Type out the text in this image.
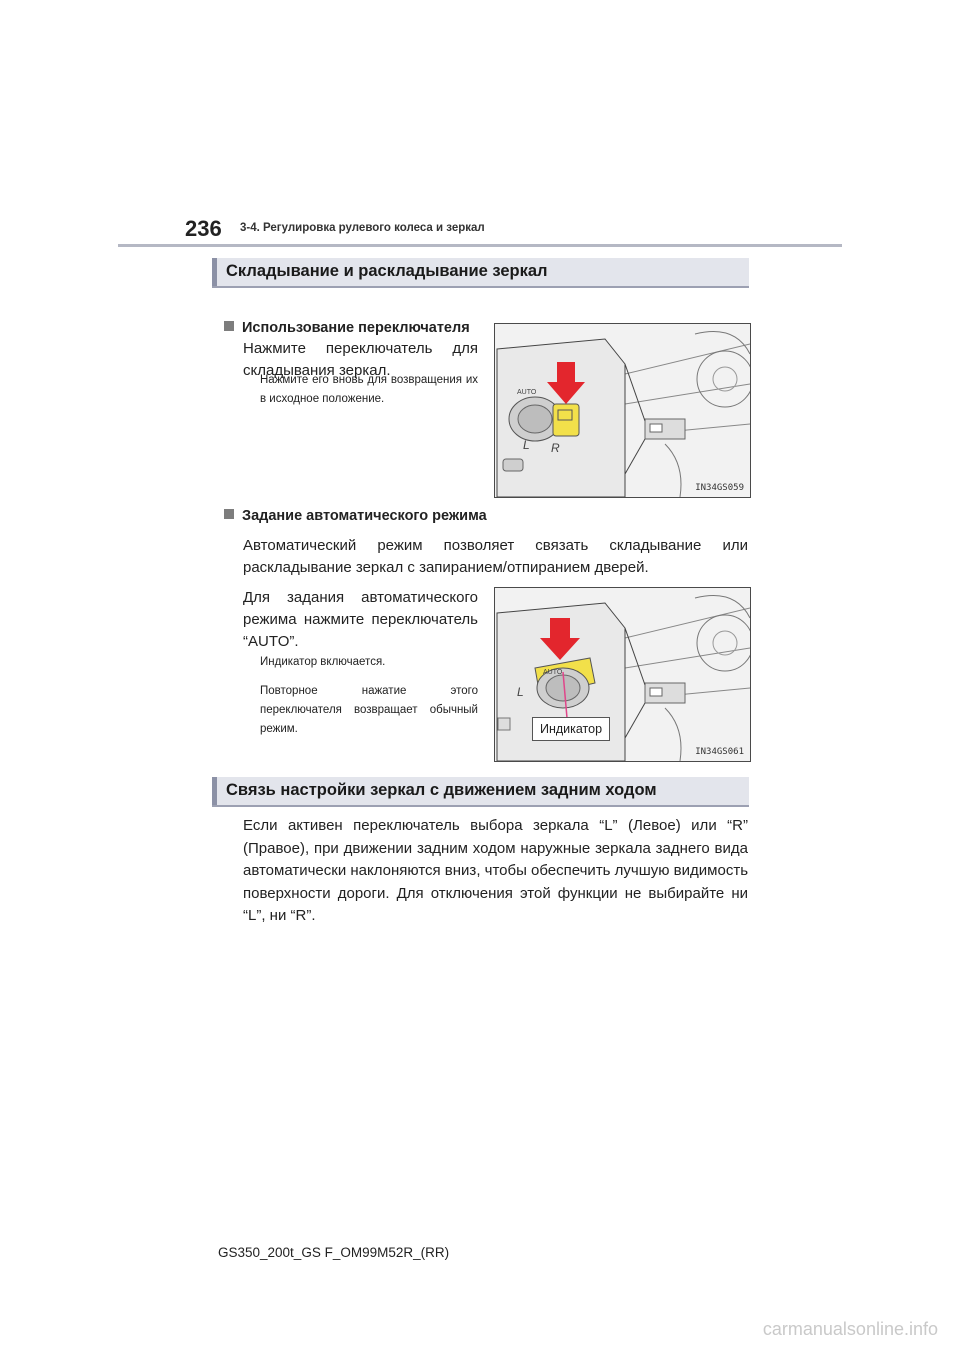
236 3-4. Регулировка рулевого колеса и зеркал
Складывание и раскладывание зеркал
Использование переключателя
Нажмите переключатель для складывания зеркал.
Нажмите его вновь для возвращения их в исходное положение.
AUTO
L R
IN34GS059
Задание автоматического режима
Автоматический режим позволяет связать складывание или раскладывание зеркал с запиранием/отпиранием дверей.
Для задания автоматического режима нажмите переключатель “AUTO”.
Индикатор включается.
Повторное нажатие этого переключателя возвращает обычный режим.
AUTO
L
IN34GS061
Индикатор
Связь настройки зеркал с движением задним ходом
Если активен переключатель выбора зеркала “L” (Левое) или “R” (Правое), при движении задним ходом наружные зеркала заднего вида автоматически наклоняются вниз, чтобы обеспечить лучшую видимость поверхности дороги. Для отключения этой функции не выбирайте ни “L”, ни “R”.
GS350_200t_GS F_OM99M52R_(RR)
carmanualsonline.info
